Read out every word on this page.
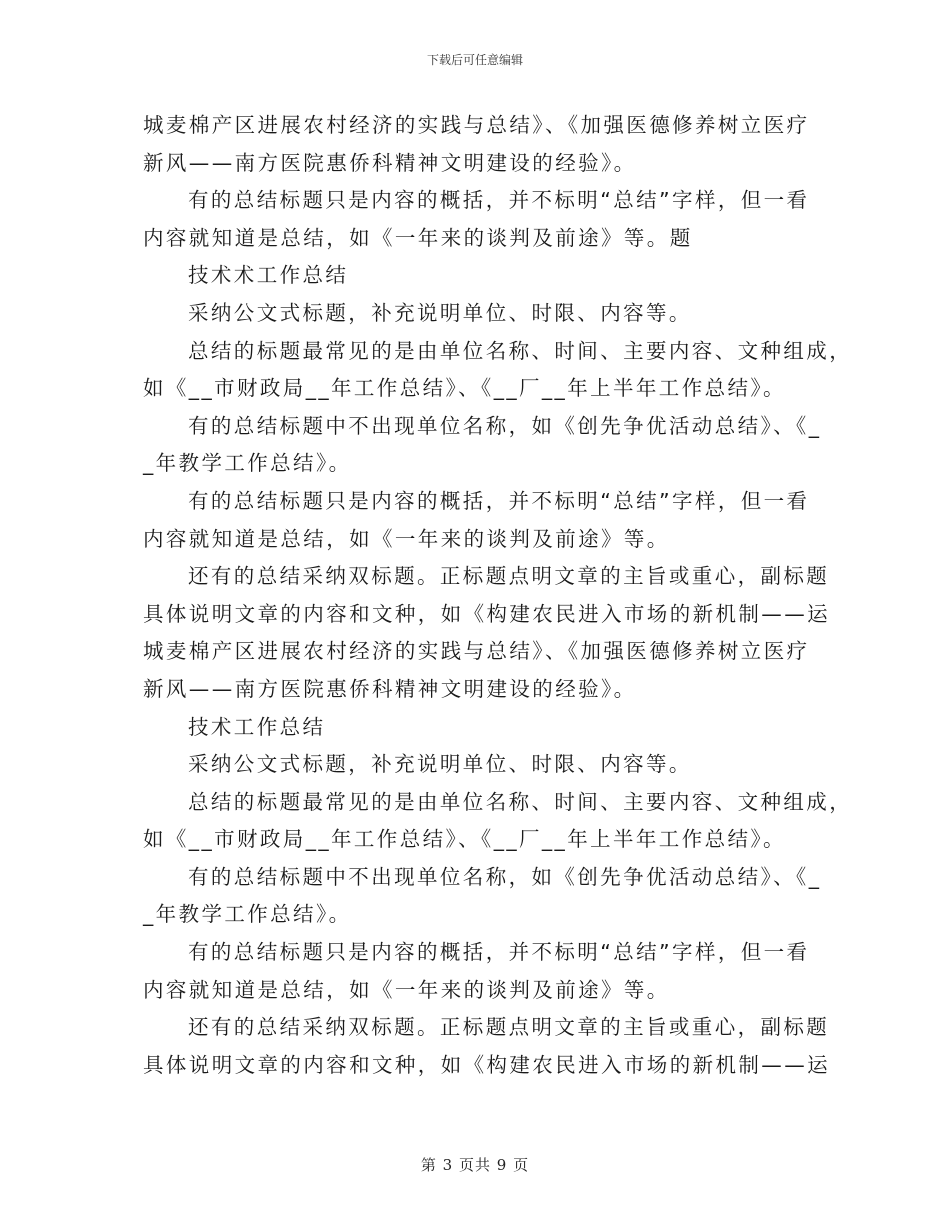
下载后可任意编辑

城麦棉产区进展农村经济的实践与总结》、《加强医德修养树立医疗
新风——南方医院惠侨科精神文明建设的经验》。
有的总结标题只是内容的概括，并不标明“总结”字样，但一看
内容就知道是总结，如《一年来的谈判及前途》等。题
技术术工作总结
采纳公文式标题，补充说明单位、时限、内容等。
总结的标题最常见的是由单位名称、时间、主要内容、文种组成，
如《__市财政局__年工作总结》、《__厂__年上半年工作总结》。
有的总结标题中不出现单位名称，如《创先争优活动总结》、《_
_年教学工作总结》。
有的总结标题只是内容的概括，并不标明“总结”字样，但一看
内容就知道是总结，如《一年来的谈判及前途》等。
还有的总结采纳双标题。正标题点明文章的主旨或重心，副标题
具体说明文章的内容和文种，如《构建农民进入市场的新机制——运
城麦棉产区进展农村经济的实践与总结》、《加强医德修养树立医疗
新风——南方医院惠侨科精神文明建设的经验》。
技术工作总结
采纳公文式标题，补充说明单位、时限、内容等。
总结的标题最常见的是由单位名称、时间、主要内容、文种组成，
如《__市财政局__年工作总结》、《__厂__年上半年工作总结》。
有的总结标题中不出现单位名称，如《创先争优活动总结》、《_
_年教学工作总结》。
有的总结标题只是内容的概括，并不标明“总结”字样，但一看
内容就知道是总结，如《一年来的谈判及前途》等。
还有的总结采纳双标题。正标题点明文章的主旨或重心，副标题
具体说明文章的内容和文种，如《构建农民进入市场的新机制——运

第 3 页共 9 页
